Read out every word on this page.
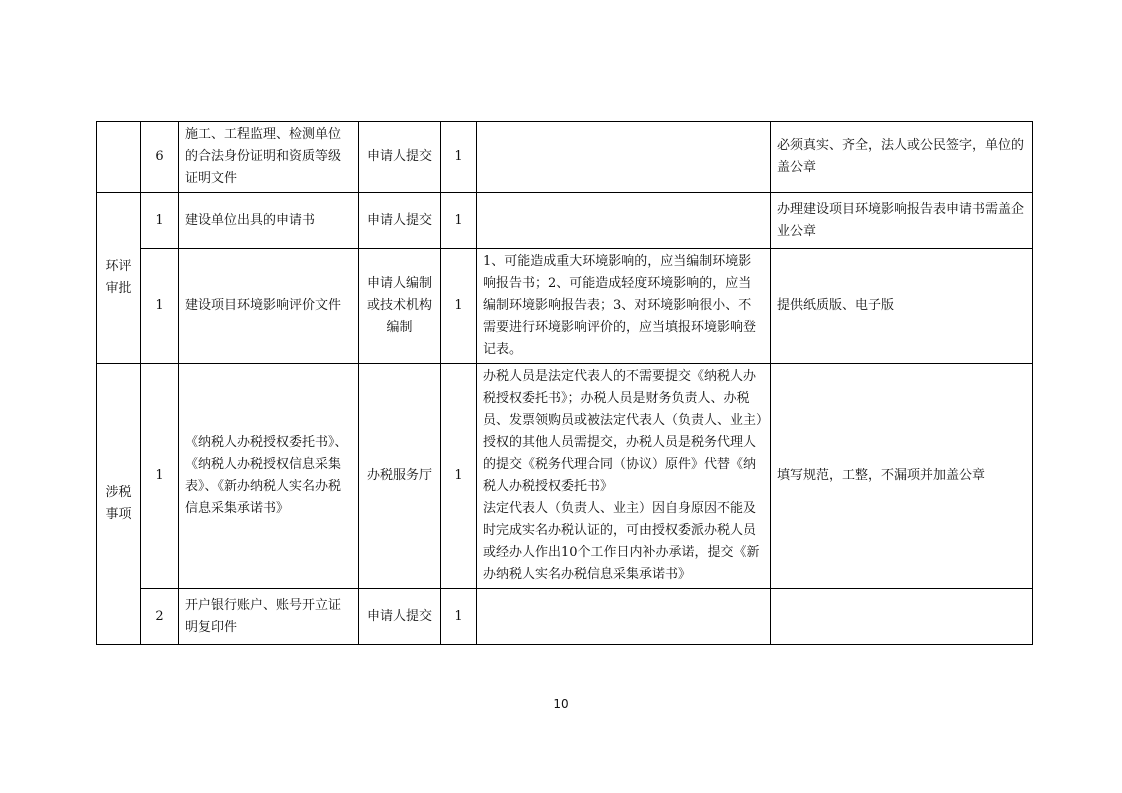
	6	施工、工程监理、检测单位的合法身份证明和资质等级证明文件	申请人提交	1		必须真实、齐全，法人或公民签字，单位的盖公章
环评审批	1	建设单位出具的申请书	申请人提交	1		办理建设项目环境影响报告表申请书需盖企业公章
	1	建设项目环境影响评价文件	申请人编制或技术机构编制	1	1、可能造成重大环境影响的，应当编制环境影响报告书；2、可能造成轻度环境影响的，应当编制环境影响报告表；3、对环境影响很小、不需要进行环境影响评价的，应当填报环境影响登记表。	提供纸质版、电子版
涉税事项	1	《纳税人办税授权委托书》、《纳税人办税授权信息采集表》、《新办纳税人实名办税信息采集承诺书》	办税服务厅	1	办税人员是法定代表人的不需要提交《纳税人办税授权委托书》；办税人员是财务负责人、办税员、发票领购员或被法定代表人（负责人、业主）授权的其他人员需提交，办税人员是税务代理人的提交《税务代理合同（协议）原件》代替《纳税人办税授权委托书》
法定代表人（负责人、业主）因自身原因不能及时完成实名办税认证的，可由授权委派办税人员或经办人作出10个工作日内补办承诺，提交《新办纳税人实名办税信息采集承诺书》	填写规范，工整，不漏项并加盖公章
	2	开户银行账户、账号开立证明复印件	申请人提交	1		
10
